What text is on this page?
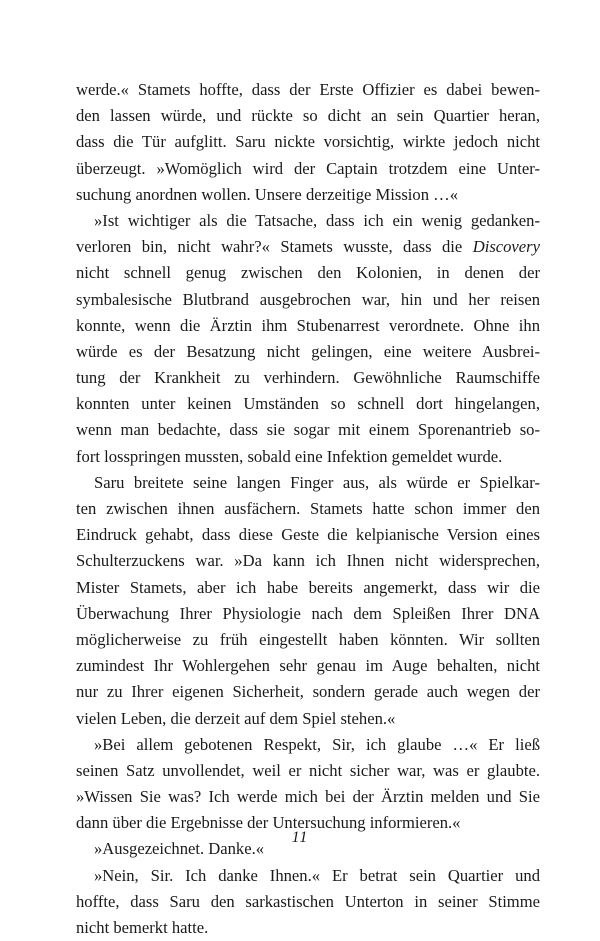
werde.« Stamets hoffte, dass der Erste Offizier es dabei bewen-
den lassen würde, und rückte so dicht an sein Quartier heran,
dass die Tür aufglitt. Saru nickte vorsichtig, wirkte jedoch nicht
überzeugt. »Womöglich wird der Captain trotzdem eine Unter-
suchung anordnen wollen. Unsere derzeitige Mission …«
»Ist wichtiger als die Tatsache, dass ich ein wenig gedanken-
verloren bin, nicht wahr?« Stamets wusste, dass die Discovery
nicht schnell genug zwischen den Kolonien, in denen der
symbalesische Blutbrand ausgebrochen war, hin und her reisen
konnte, wenn die Ärztin ihm Stubenarrest verordnete. Ohne ihn
würde es der Besatzung nicht gelingen, eine weitere Ausbrei-
tung der Krankheit zu verhindern. Gewöhnliche Raumschiffe
konnten unter keinen Umständen so schnell dort hingelangen,
wenn man bedachte, dass sie sogar mit einem Sporenantrieb so-
fort losspringen mussten, sobald eine Infektion gemeldet wurde.
Saru breitete seine langen Finger aus, als würde er Spielkar-
ten zwischen ihnen ausfächern. Stamets hatte schon immer den
Eindruck gehabt, dass diese Geste die kelpianische Version eines
Schulterzuckens war. »Da kann ich Ihnen nicht widersprechen,
Mister Stamets, aber ich habe bereits angemerkt, dass wir die
Überwachung Ihrer Physiologie nach dem Spleißen Ihrer DNA
möglicherweise zu früh eingestellt haben könnten. Wir sollten
zumindest Ihr Wohlergehen sehr genau im Auge behalten, nicht
nur zu Ihrer eigenen Sicherheit, sondern gerade auch wegen der
vielen Leben, die derzeit auf dem Spiel stehen.«
»Bei allem gebotenen Respekt, Sir, ich glaube …« Er ließ
seinen Satz unvollendet, weil er nicht sicher war, was er glaubte.
»Wissen Sie was? Ich werde mich bei der Ärztin melden und Sie
dann über die Ergebnisse der Untersuchung informieren.«
»Ausgezeichnet. Danke.«
»Nein, Sir. Ich danke Ihnen.« Er betrat sein Quartier und
hoffte, dass Saru den sarkastischen Unterton in seiner Stimme
nicht bemerkt hatte.
11
